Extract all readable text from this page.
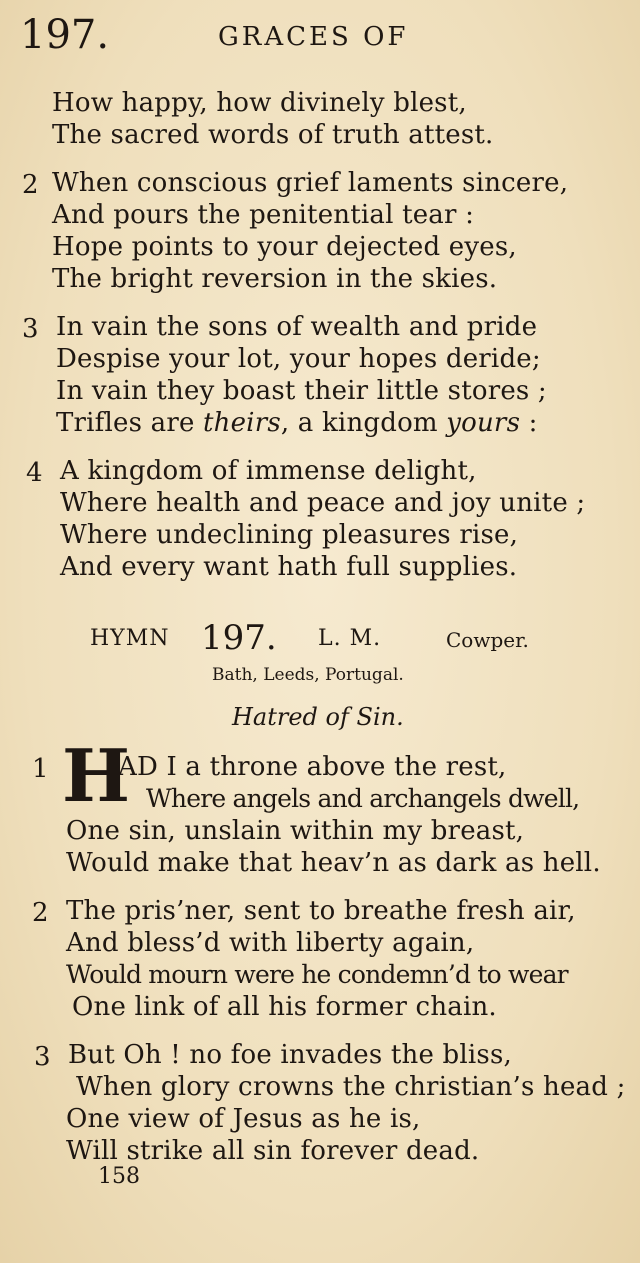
197.	GRACES OF
How happy, how divinely blest,
The sacred words of truth attest.
2 When conscious grief laments sincere,
And pours the penitential tear :
Hope points to your dejected eyes,
The bright reversion in the skies.
3 In vain the sons of wealth and pride
Despise your lot, your hopes deride;
In vain they boast their little stores ;
Trifles are theirs, a kingdom yours :
4 A kingdom of immense delight,
Where health and peace and joy unite ;
Where undeclining pleasures rise,
And every want hath full supplies.
HYMN 197. L. M.	Cowper.
Bath, Leeds, Portugal.
Hatred of Sin.
1 H
AD I a throne above the rest,
Where angels and archangels dwell,
One sin, unslain within my breast,
Would make that heav’n as dark as hell.
2 The pris’ner, sent to breathe fresh air,
And bless’d with liberty again,
Would mourn were he condemn’d to wear
One link of all his former chain.
3 But Oh ! no foe invades the bliss,
When glory crowns the christian’s head ;
One view of Jesus as he is,
Will strike all sin forever dead.
158
